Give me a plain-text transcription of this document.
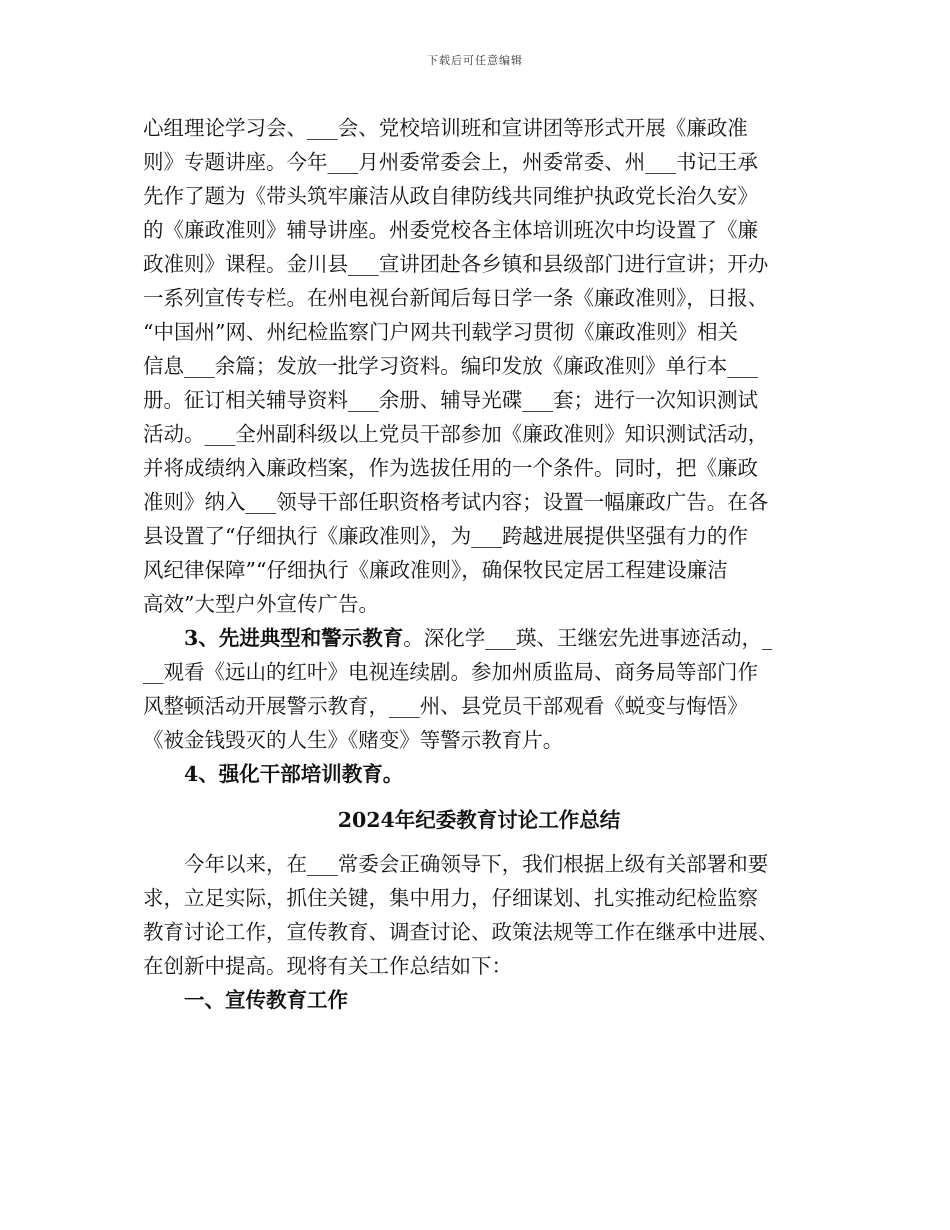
下载后可任意编辑
心组理论学习会、___会、党校培训班和宣讲团等形式开展《廉政准
则》专题讲座。今年___月州委常委会上，州委常委、州___书记王承
先作了题为《带头筑牢廉洁从政自律防线共同维护执政党长治久安》
的《廉政准则》辅导讲座。州委党校各主体培训班次中均设置了《廉
政准则》课程。金川县___宣讲团赴各乡镇和县级部门进行宣讲；开办
一系列宣传专栏。在州电视台新闻后每日学一条《廉政准则》，日报、
“中国州”网、州纪检监察门户网共刊载学习贯彻《廉政准则》相关
信息___余篇；发放一批学习资料。编印发放《廉政准则》单行本___
册。征订相关辅导资料___余册、辅导光碟___套；进行一次知识测试
活动。___全州副科级以上党员干部参加《廉政准则》知识测试活动，
并将成绩纳入廉政档案，作为选拔任用的一个条件。同时，把《廉政
准则》纳入___领导干部任职资格考试内容；设置一幅廉政广告。在各
县设置了“仔细执行《廉政准则》，为___跨越进展提供坚强有力的作
风纪律保障”“仔细执行《廉政准则》，确保牧民定居工程建设廉洁
高效”大型户外宣传广告。
3、先进典型和警示教育。深化学___瑛、王继宏先进事迹活动，_
__观看《远山的红叶》电视连续剧。参加州质监局、商务局等部门作
风整顿活动开展警示教育，___州、县党员干部观看《蜕变与悔悟》
《被金钱毁灭的人生》《赌变》等警示教育片。
4、强化干部培训教育。
2024年纪委教育讨论工作总结
今年以来，在___常委会正确领导下，我们根据上级有关部署和要
求，立足实际，抓住关键，集中用力，仔细谋划、扎实推动纪检监察
教育讨论工作，宣传教育、调查讨论、政策法规等工作在继承中进展、
在创新中提高。现将有关工作总结如下：
一、宣传教育工作
